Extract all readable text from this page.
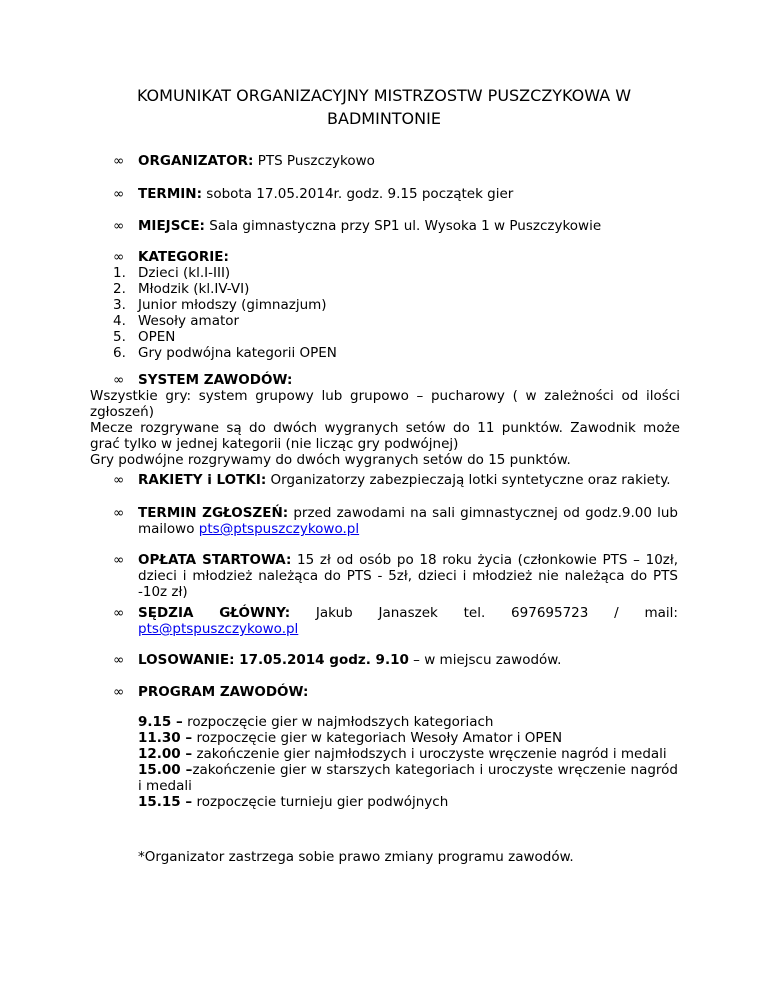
KOMUNIKAT ORGANIZACYJNY MISTRZOSTW PUSZCZYKOWA W
BADMINTONIE
∞	ORGANIZATOR: PTS Puszczykowo
∞	TERMIN: sobota 17.05.2014r. godz. 9.15 początek gier
∞	MIEJSCE: Sala gimnastyczna przy SP1 ul. Wysoka 1 w Puszczykowie
∞	KATEGORIE:
1. Dzieci (kl.I-III)
2. Młodzik (kl.IV-VI)
3. Junior młodszy (gimnazjum)
4. Wesoły amator
5. OPEN
6. Gry podwójna kategorii OPEN
∞	SYSTEM ZAWODÓW:
Wszystkie gry: system grupowy lub grupowo – pucharowy ( w zależności od ilości zgłoszeń)
Mecze rozgrywane są do dwóch wygranych setów do 11 punktów. Zawodnik może grać tylko w jednej kategorii (nie licząc gry podwójnej)
Gry podwójne rozgrywamy do dwóch wygranych setów do 15 punktów.
∞	RAKIETY i LOTKI: Organizatorzy zabezpieczają lotki syntetyczne oraz rakiety.
∞	TERMIN ZGŁOSZEŃ: przed zawodami na sali gimnastycznej od godz.9.00 lub mailowo pts@ptspuszczykowo.pl
∞	OPŁATA STARTOWA: 15 zł od osób po 18 roku życia (członkowie PTS – 10zł, dzieci i młodzież należąca do PTS - 5zł, dzieci i młodzież nie należąca do PTS -10z zł)
∞	SĘDZIA GŁÓWNY: Jakub Janaszek tel. 697695723 / mail:
pts@ptspuszczykowo.pl
∞	LOSOWANIE: 17.05.2014 godz. 9.10 – w miejscu zawodów.
∞	PROGRAM ZAWODÓW:
9.15 – rozpoczęcie gier w najmłodszych kategoriach
11.30 – rozpoczęcie gier w kategoriach Wesoły Amator i OPEN
12.00 – zakończenie gier najmłodszych i uroczyste wręczenie nagród i medali
15.00 –zakończenie gier w starszych kategoriach i uroczyste wręczenie nagród i medali
15.15 – rozpoczęcie turnieju gier podwójnych
*Organizator zastrzega sobie prawo zmiany programu zawodów.
